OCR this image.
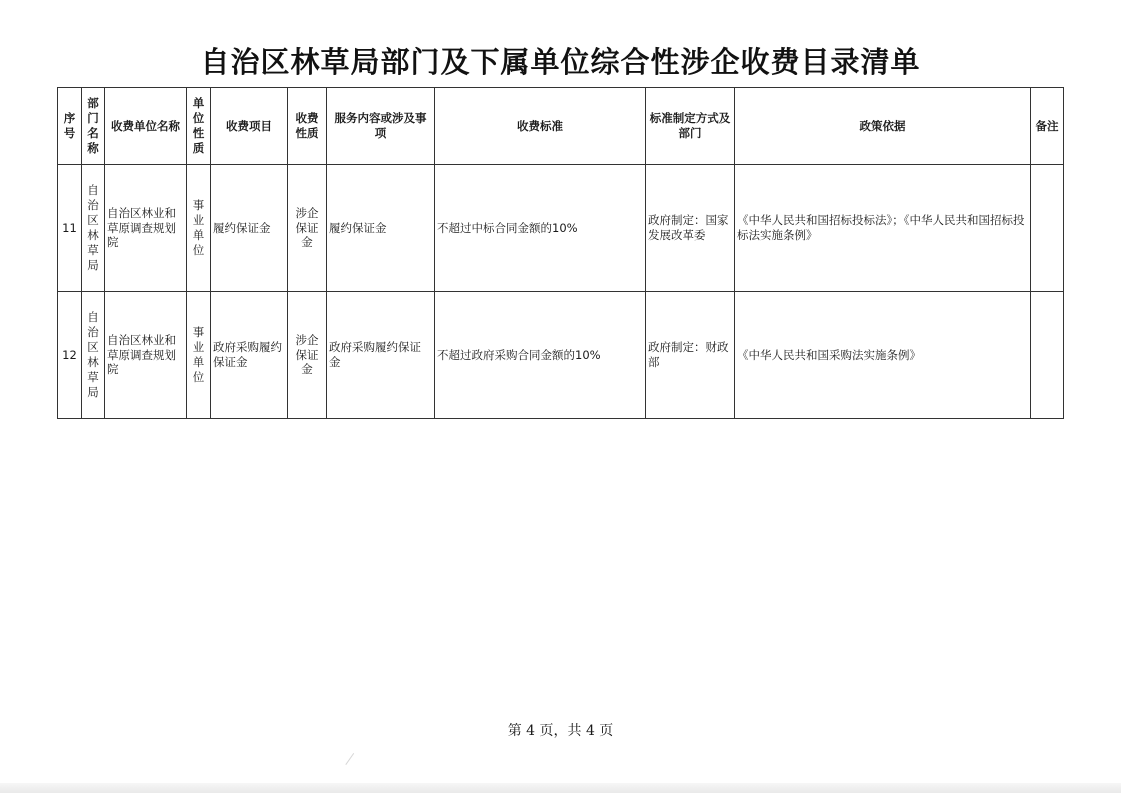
自治区林草局部门及下属单位综合性涉企收费目录清单
序号	部门名称	收费单位名称	单位性质	收费项目	收费性质	服务内容或涉及事项	收费标准	标准制定方式及部门	政策依据	备注
11	自治区林草局	自治区林业和草原调查规划院	事业单位	履约保证金	涉企保证金	履约保证金	不超过中标合同金额的10%	政府制定：国家发展改革委	《中华人民共和国招标投标法》；《中华人民共和国招标投标法实施条例》	
12	自治区林草局	自治区林业和草原调查规划院	事业单位	政府采购履约保证金	涉企保证金	政府采购履约保证金	不超过政府采购合同金额的10%	政府制定：财政部	《中华人民共和国采购法实施条例》	
第 4 页，共 4 页
